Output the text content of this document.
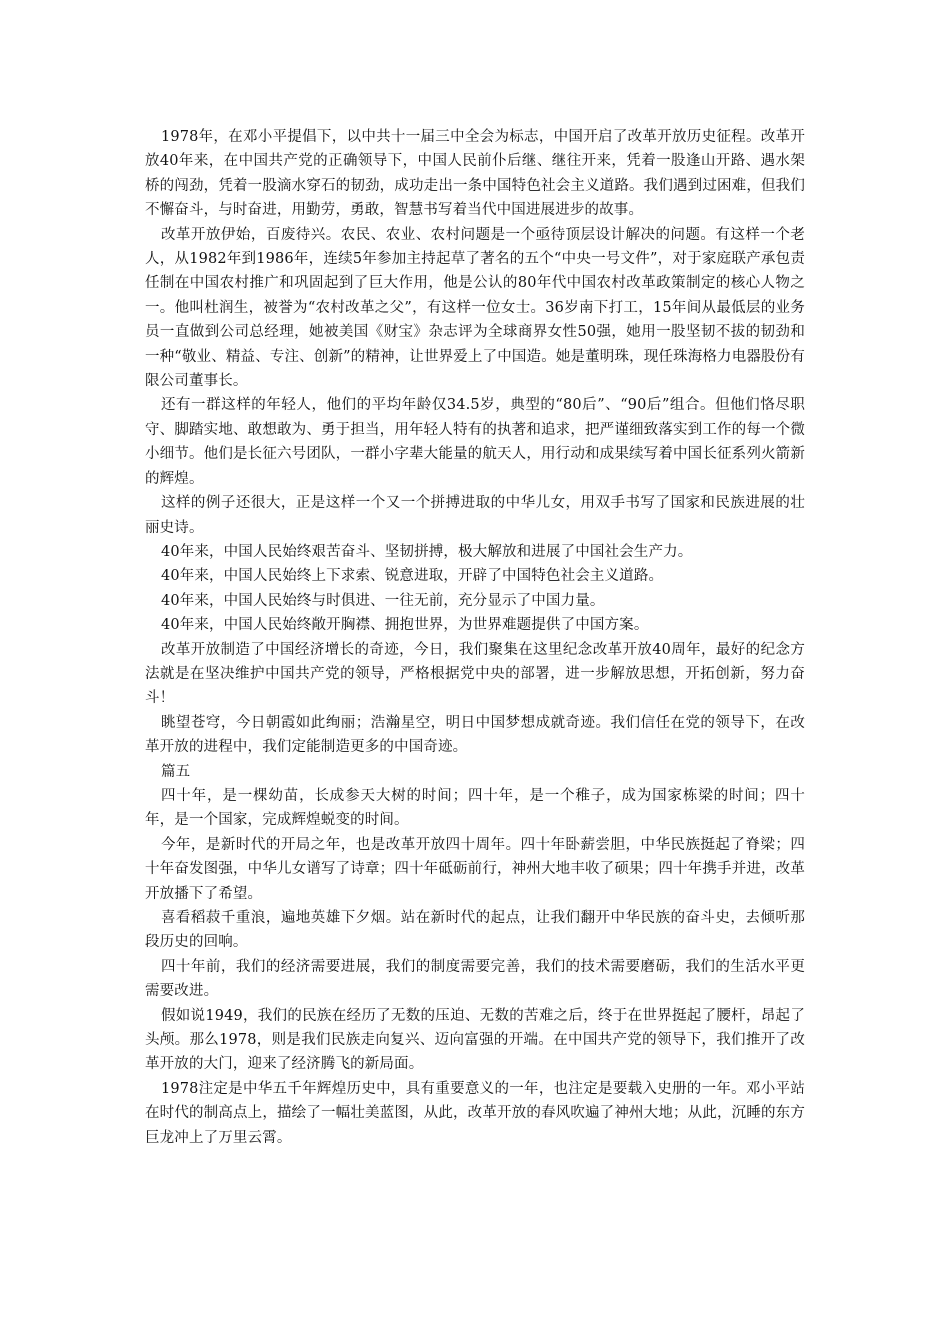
1978年，在邓小平提倡下，以中共十一届三中全会为标志，中国开启了改革开放历史征程。改革开放40年来，在中国共产党的正确领导下，中国人民前仆后继、继往开来，凭着一股逢山开路、遇水架桥的闯劲，凭着一股滴水穿石的韧劲，成功走出一条中国特色社会主义道路。我们遇到过困难，但我们不懈奋斗，与时奋进，用勤劳，勇敢，智慧书写着当代中国进展进步的故事。

改革开放伊始，百废待兴。农民、农业、农村问题是一个亟待顶层设计解决的问题。有这样一个老人，从1982年到1986年，连续5年参加主持起草了著名的五个“中央一号文件”，对于家庭联产承包责任制在中国农村推广和巩固起到了巨大作用，他是公认的80年代中国农村改革政策制定的核心人物之一。他叫杜润生，被誉为“农村改革之父”，有这样一位女士。36岁南下打工，15年间从最低层的业务员一直做到公司总经理，她被美国《财宝》杂志评为全球商界女性50强，她用一股坚韧不拔的韧劲和一种“敬业、精益、专注、创新”的精神，让世界爱上了中国造。她是董明珠，现任珠海格力电器股份有限公司董事长。

还有一群这样的年轻人，他们的平均年龄仅34.5岁，典型的“80后”、“90后”组合。但他们恪尽职守、脚踏实地、敢想敢为、勇于担当，用年轻人特有的执著和追求，把严谨细致落实到工作的每一个微小细节。他们是长征六号团队，一群小字辈大能量的航天人，用行动和成果续写着中国长征系列火箭新的辉煌。

这样的例子还很大，正是这样一个又一个拼搏进取的中华儿女，用双手书写了国家和民族进展的壮丽史诗。

40年来，中国人民始终艰苦奋斗、坚韧拼搏，极大解放和进展了中国社会生产力。

40年来，中国人民始终上下求索、锐意进取，开辟了中国特色社会主义道路。

40年来，中国人民始终与时俱进、一往无前，充分显示了中国力量。

40年来，中国人民始终敞开胸襟、拥抱世界，为世界难题提供了中国方案。

改革开放制造了中国经济增长的奇迹，今日，我们聚集在这里纪念改革开放40周年，最好的纪念方法就是在坚决维护中国共产党的领导，严格根据党中央的部署，进一步解放思想，开拓创新，努力奋斗！

眺望苍穹，今日朝霞如此绚丽；浩瀚星空，明日中国梦想成就奇迹。我们信任在党的领导下，在改革开放的进程中，我们定能制造更多的中国奇迹。

篇五

四十年，是一棵幼苗，长成参天大树的时间；四十年，是一个稚子，成为国家栋梁的时间；四十年，是一个国家，完成辉煌蜕变的时间。

今年，是新时代的开局之年，也是改革开放四十周年。四十年卧薪尝胆，中华民族挺起了脊梁；四十年奋发图强，中华儿女谱写了诗章；四十年砥砺前行，神州大地丰收了硕果；四十年携手并进，改革开放播下了希望。

喜看稻菽千重浪，遍地英雄下夕烟。站在新时代的起点，让我们翻开中华民族的奋斗史，去倾听那段历史的回响。

四十年前，我们的经济需要进展，我们的制度需要完善，我们的技术需要磨砺，我们的生活水平更需要改进。

假如说1949，我们的民族在经历了无数的压迫、无数的苦难之后，终于在世界挺起了腰杆，昂起了头颅。那么1978，则是我们民族走向复兴、迈向富强的开端。在中国共产党的领导下，我们推开了改革开放的大门，迎来了经济腾飞的新局面。

1978注定是中华五千年辉煌历史中，具有重要意义的一年，也注定是要载入史册的一年。邓小平站在时代的制高点上，描绘了一幅壮美蓝图，从此，改革开放的春风吹遍了神州大地；从此，沉睡的东方巨龙冲上了万里云霄。
